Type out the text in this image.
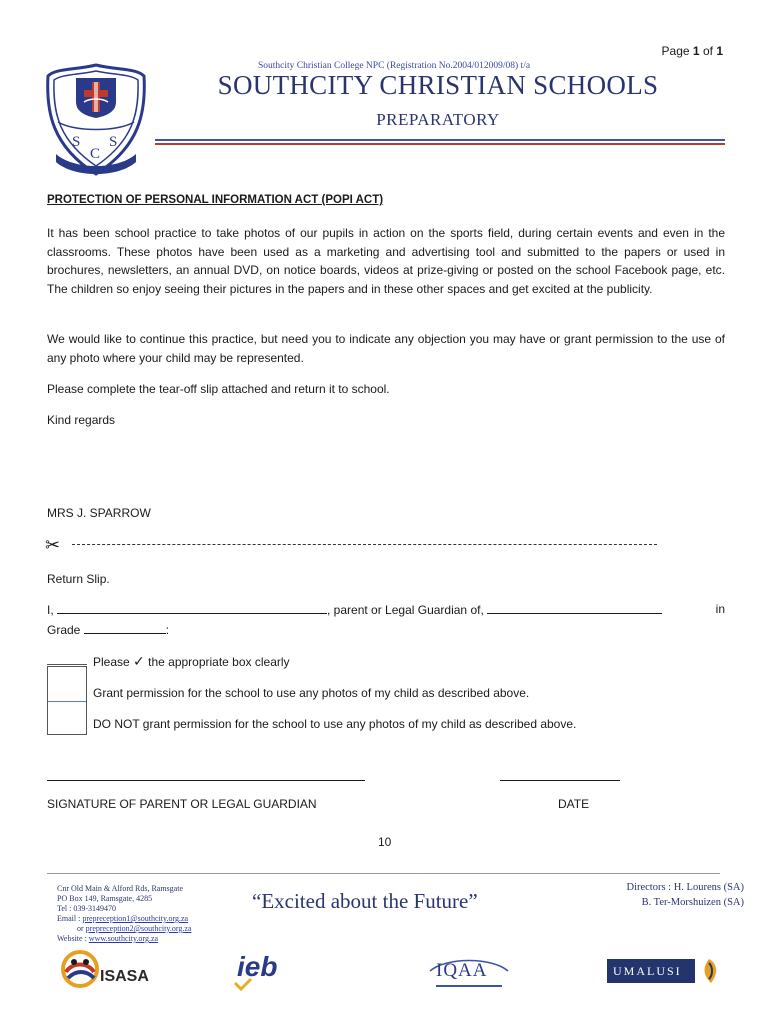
Page 1 of 1
S
C
S
Southcity Christian College NPC (Registration No.2004/012009/08) t/a
SOUTHCITY CHRISTIAN SCHOOLS
PREPARATORY
PROTECTION OF PERSONAL INFORMATION ACT (POPI ACT)
It has been school practice to take photos of our pupils in action on the sports field, during certain events and even in the classrooms. These photos have been used as a marketing and advertising tool and submitted to the papers or used in brochures, newsletters, an annual DVD, on notice boards, videos at prize-giving or posted on the school Facebook page, etc. The children so enjoy seeing their pictures in the papers and in these other spaces and get excited at the publicity.
We would like to continue this practice, but need you to indicate any objection you may have or grant permission to the use of any photo where your child may be represented.
Please complete the tear-off slip attached and return it to school.
Kind regards
MRS J. SPARROW
✂
Return Slip.
I,	, parent or Legal Guardian of,	in
Grade	:
Please ✓ the appropriate box clearly
Grant permission for the school to use any photos of my child as described above.
DO NOT grant permission for the school to use any photos of my child as described above.
SIGNATURE OF PARENT OR LEGAL GUARDIAN	DATE
10
Cnr Old Main & Alford Rds, Ramsgate
PO Box 149, Ramsgate, 4285
Tel : 039-3149470
Email : prepreception1@southcity.org.za
or prepreception2@southcity.org.za
Website : www.southcity.org.za
“Excited about the Future”
Directors : H. Lourens (SA)
B. Ter-Morshuizen (SA)
ISASA	ieb	IQAA	UMALUSI
